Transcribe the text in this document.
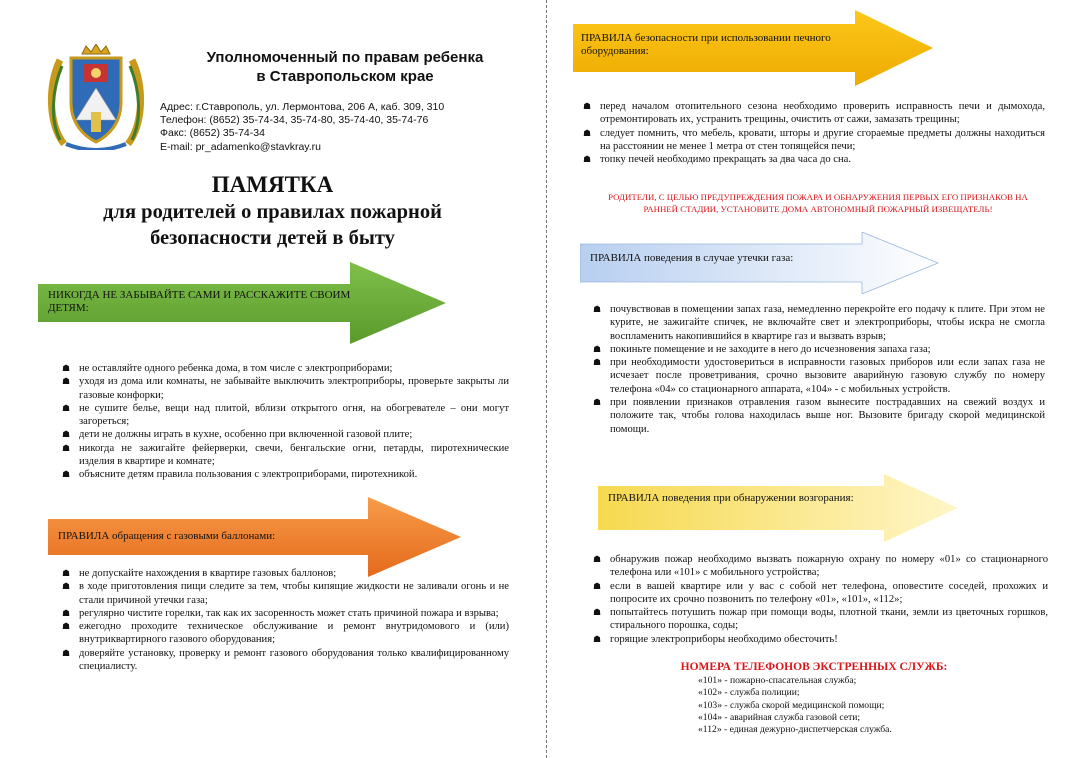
Уполномоченный по правам ребенка
в Ставропольском крае
Адрес: г.Ставрополь, ул. Лермонтова, 206 А, каб. 309, 310
Телефон: (8652) 35-74-34, 35-74-80, 35-74-40, 35-74-76
Факс: (8652) 35-74-34
E-mail: pr_adamenko@stavkray.ru
ПАМЯТКА
для родителей о правилах пожарной
безопасности детей в быту
НИКОГДА НЕ ЗАБЫВАЙТЕ САМИ И РАССКАЖИТЕ СВОИМ ДЕТЯМ:
☗ не оставляйте одного ребенка дома, в том числе с электроприборами;
☗ уходя из дома или комнаты, не забывайте выключить электроприборы, проверьте закрыты ли газовые конфорки;
☗ не сушите белье, вещи над плитой, вблизи открытого огня, на обогревателе – они могут загореться;
☗ дети не должны играть в кухне, особенно при включенной газовой плите;
☗ никогда не зажигайте фейерверки, свечи, бенгальские огни, петарды, пиротехнические изделия в квартире и комнате;
☗ объясните детям правила пользования с электроприборами, пиротехникой.
ПРАВИЛА обращения с газовыми баллонами:
☗ не допускайте нахождения в квартире газовых баллонов;
☗ в ходе приготовления пищи следите за тем, чтобы кипящие жидкости не заливали огонь и не стали причиной утечки газа;
☗ регулярно чистите горелки, так как их засоренность может стать причиной пожара и взрыва;
☗ ежегодно проходите техническое обслуживание и ремонт внутридомового и (или) внутриквартирного газового оборудования;
☗ доверяйте установку, проверку и ремонт газового оборудования только квалифицированному специалисту.
ПРАВИЛА безопасности при использовании печного оборудования:
☗ перед началом отопительного сезона необходимо проверить исправность печи и дымохода, отремонтировать их, устранить трещины, очистить от сажи, замазать трещины;
☗ следует помнить, что мебель, кровати, шторы и другие сгораемые предметы должны находиться на расстоянии не менее 1 метра от стен топящейся печи;
☗ топку печей необходимо прекращать за два часа до сна.
РОДИТЕЛИ, С ЦЕЛЬЮ ПРЕДУПРЕЖДЕНИЯ ПОЖАРА И ОБНАРУЖЕНИЯ ПЕРВЫХ ЕГО ПРИЗНАКОВ НА РАННЕЙ СТАДИИ, УСТАНОВИТЕ ДОМА АВТОНОМНЫЙ ПОЖАРНЫЙ ИЗВЕЩАТЕЛЬ!
ПРАВИЛА поведения в случае утечки газа:
☗ почувствовав в помещении запах газа, немедленно перекройте его подачу к плите. При этом не курите, не зажигайте спичек, не включайте свет и электроприборы, чтобы искра не смогла воспламенить накопившийся в квартире газ и вызвать взрыв;
☗ покиньте помещение и не заходите в него до исчезновения запаха газа;
☗ при необходимости удостовериться в исправности газовых приборов или если запах газа не исчезает после проветривания, срочно вызовите аварийную газовую службу по номеру телефона «04» со стационарного аппарата, «104» - с мобильных устройств.
☗ при появлении признаков отравления газом вынесите пострадавших на свежий воздух и положите так, чтобы голова находилась выше ног. Вызовите бригаду скорой медицинской помощи.
ПРАВИЛА поведения при обнаружении возгорания:
☗ обнаружив пожар необходимо вызвать пожарную охрану по номеру «01» со стационарного телефона или «101» с мобильного устройства;
☗ если в вашей квартире или у вас с собой нет телефона, оповестите соседей, прохожих и попросите их срочно позвонить по телефону «01», «101», «112»;
☗ попытайтесь потушить пожар при помощи воды, плотной ткани, земли из цветочных горшков, стирального порошка, соды;
☗ горящие электроприборы необходимо обесточить!
НОМЕРА ТЕЛЕФОНОВ ЭКСТРЕННЫХ СЛУЖБ:
«101» - пожарно-спасательная служба;
«102» - служба полиции;
«103» - служба скорой медицинской помощи;
«104» - аварийная служба газовой сети;
«112» - единая дежурно-диспетчерская служба.
